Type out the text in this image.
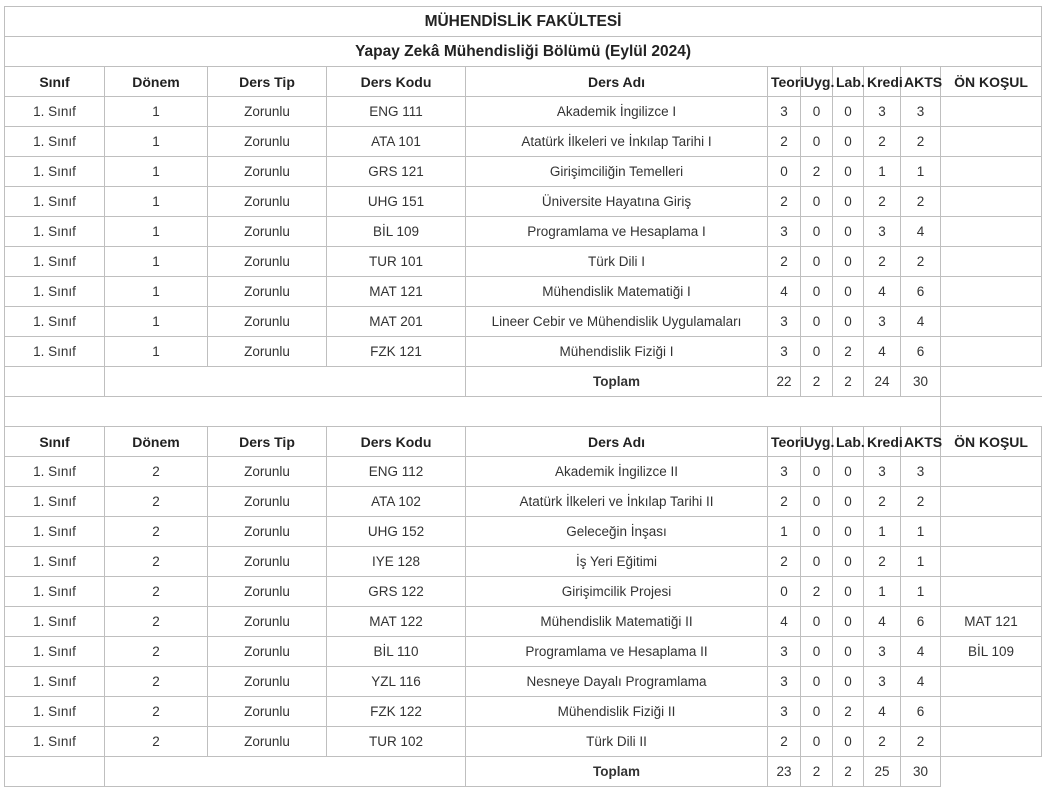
MÜHENDİSLİK FAKÜLTESİ										
Yapay Zekâ Mühendisliği Bölümü (Eylül 2024)										
Sınıf	Dönem	Ders Tip	Ders Kodu	Ders Adı	Teori	Uyg.	Lab.	Kredi	AKTS	ÖN KOŞUL
1. Sınıf	1	Zorunlu	ENG 111	Akademik İngilizce I	3	0	0	3	3	
1. Sınıf	1	Zorunlu	ATA 101	Atatürk İlkeleri ve İnkılap Tarihi I	2	0	0	2	2	
1. Sınıf	1	Zorunlu	GRS 121	Girişimciliğin Temelleri	0	2	0	1	1	
1. Sınıf	1	Zorunlu	UHG 151	Üniversite Hayatına Giriş	2	0	0	2	2	
1. Sınıf	1	Zorunlu	BİL 109	Programlama ve Hesaplama I	3	0	0	3	4	
1. Sınıf	1	Zorunlu	TUR 101	Türk Dili I	2	0	0	2	2	
1. Sınıf	1	Zorunlu	MAT 121	Mühendislik Matematiği I	4	0	0	4	6	
1. Sınıf	1	Zorunlu	MAT 201	Lineer Cebir ve Mühendislik Uygulamaları	3	0	0	3	4	
1. Sınıf	1	Zorunlu	FZK 121	Mühendislik Fiziği I	3	0	2	4	6	
				Toplam	22	2	2	24	30	

Sınıf	Dönem	Ders Tip	Ders Kodu	Ders Adı	Teori	Uyg.	Lab.	Kredi	AKTS	ÖN KOŞUL
1. Sınıf	2	Zorunlu	ENG 112	Akademik İngilizce II	3	0	0	3	3	
1. Sınıf	2	Zorunlu	ATA 102	Atatürk İlkeleri ve İnkılap Tarihi II	2	0	0	2	2	
1. Sınıf	2	Zorunlu	UHG 152	Geleceğin İnşası	1	0	0	1	1	
1. Sınıf	2	Zorunlu	IYE 128	İş Yeri Eğitimi	2	0	0	2	1	
1. Sınıf	2	Zorunlu	GRS 122	Girişimcilik Projesi	0	2	0	1	1	
1. Sınıf	2	Zorunlu	MAT 122	Mühendislik Matematiği II	4	0	0	4	6	MAT 121
1. Sınıf	2	Zorunlu	BİL 110	Programlama ve Hesaplama II	3	0	0	3	4	BİL 109
1. Sınıf	2	Zorunlu	YZL 116	Nesneye Dayalı Programlama	3	0	0	3	4	
1. Sınıf	2	Zorunlu	FZK 122	Mühendislik Fiziği II	3	0	2	4	6	
1. Sınıf	2	Zorunlu	TUR 102	Türk Dili II	2	0	0	2	2	
				Toplam	23	2	2	25	30	
